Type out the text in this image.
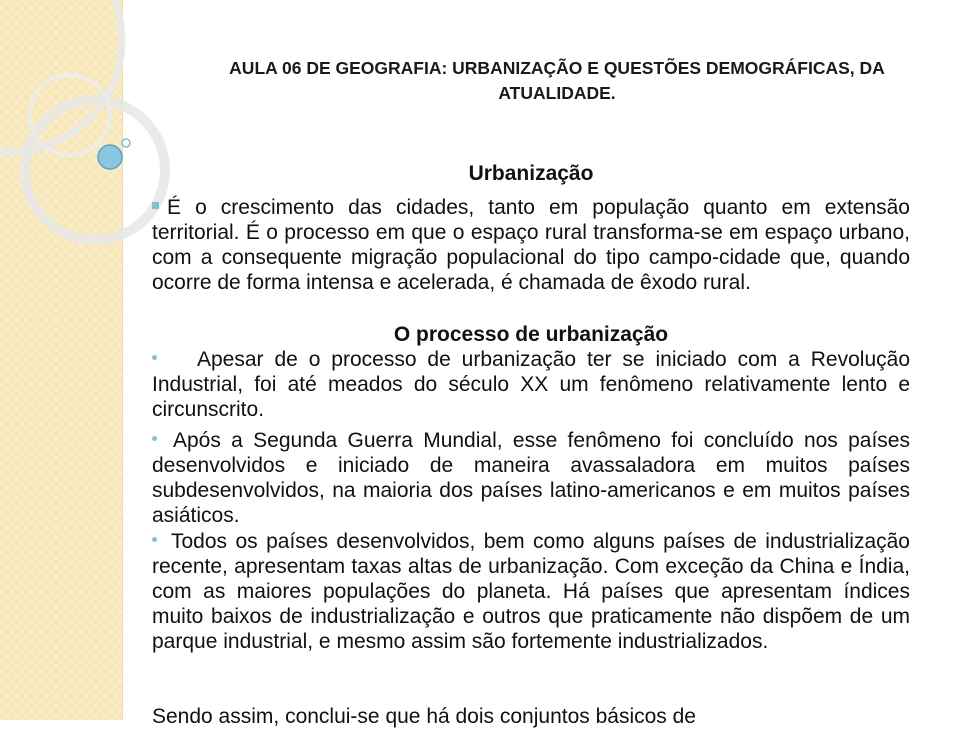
AULA 06 DE GEOGRAFIA: URBANIZAÇÃO E QUESTÕES DEMOGRÁFICAS, DA ATUALIDADE.
Urbanização
É o crescimento das cidades, tanto em população quanto em extensão territorial. É o processo em que o espaço rural transforma-se em espaço urbano, com a consequente migração populacional do tipo campo-cidade que, quando ocorre de forma intensa e acelerada, é chamada de êxodo rural.
O processo de urbanização
Apesar de o processo de urbanização ter se iniciado com a Revolução Industrial, foi até meados do século XX um fenômeno relativamente lento e circunscrito.
Após a Segunda Guerra Mundial, esse fenômeno foi concluído nos países desenvolvidos e iniciado de maneira avassaladora em muitos países subdesenvolvidos, na maioria dos países latino-americanos e em muitos países asiáticos.
Todos os países desenvolvidos, bem como alguns países de industrialização recente, apresentam taxas altas de urbanização. Com exceção da China e Índia, com as maiores populações do planeta. Há países que apresentam índices muito baixos de industrialização e outros que praticamente não dispõem de um parque industrial, e mesmo assim são fortemente industrializados.
Sendo assim, conclui-se que há dois conjuntos básicos de
